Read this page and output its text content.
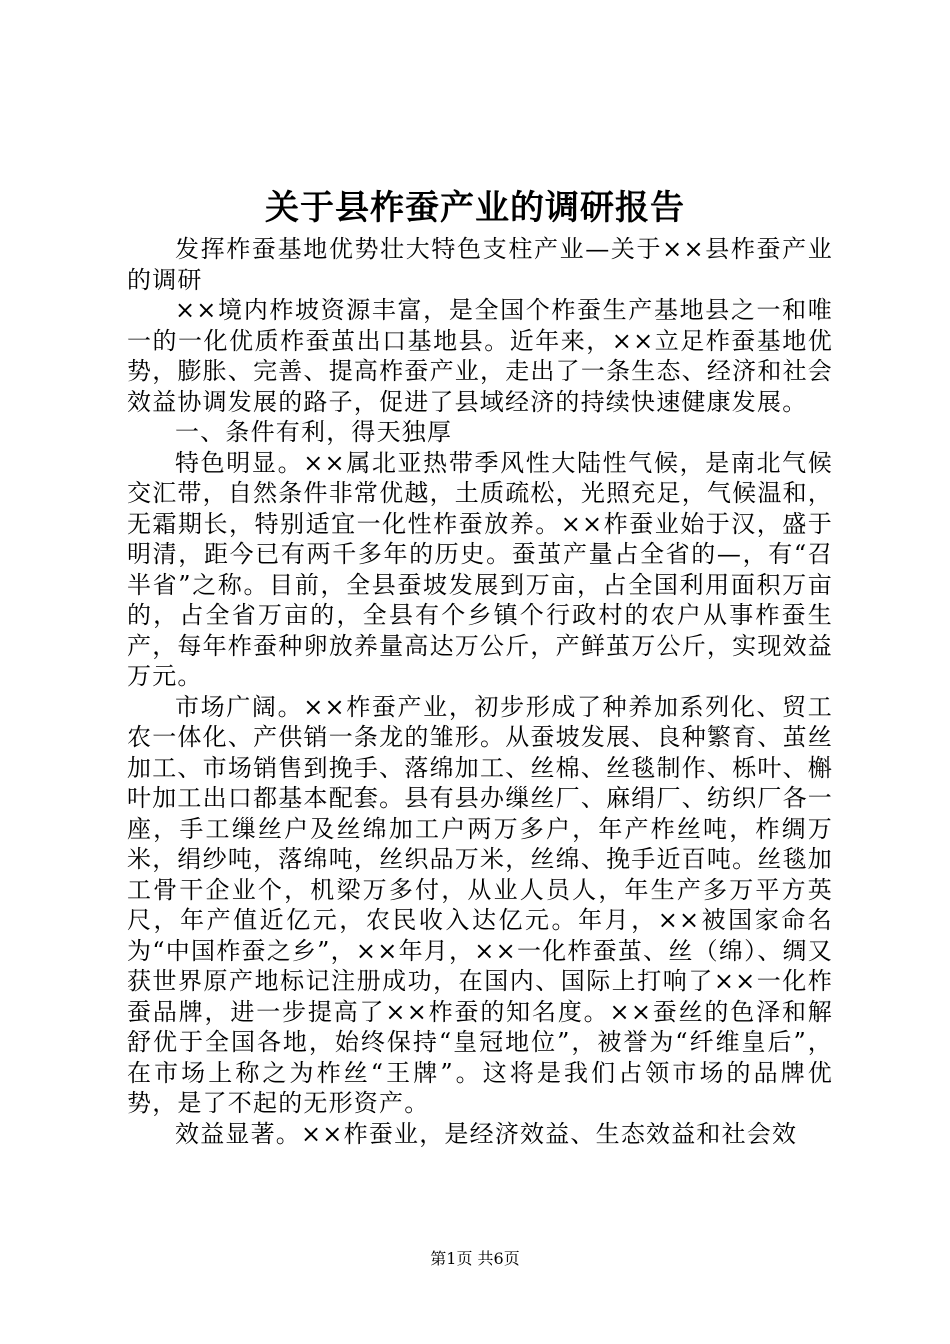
关于县柞蚕产业的调研报告

发挥柞蚕基地优势壮大特色支柱产业—关于××县柞蚕产业的调研

××境内柞坡资源丰富，是全国个柞蚕生产基地县之一和唯一的一化优质柞蚕茧出口基地县。近年来，××立足柞蚕基地优势，膨胀、完善、提高柞蚕产业，走出了一条生态、经济和社会效益协调发展的路子，促进了县域经济的持续快速健康发展。

一、条件有利，得天独厚

特色明显。××属北亚热带季风性大陆性气候，是南北气候交汇带，自然条件非常优越，土质疏松，光照充足，气候温和，无霜期长，特别适宜一化性柞蚕放养。××柞蚕业始于汉，盛于明清，距今已有两千多年的历史。蚕茧产量占全省的—，有“召半省”之称。目前，全县蚕坡发展到万亩，占全国利用面积万亩的，占全省万亩的，全县有个乡镇个行政村的农户从事柞蚕生产，每年柞蚕种卵放养量高达万公斤，产鲜茧万公斤，实现效益万元。

市场广阔。××柞蚕产业，初步形成了种养加系列化、贸工农一体化、产供销一条龙的雏形。从蚕坡发展、良种繁育、茧丝加工、市场销售到挽手、落绵加工、丝棉、丝毯制作、栎叶、槲叶加工出口都基本配套。县有县办缫丝厂、麻绢厂、纺织厂各一座，手工缫丝户及丝绵加工户两万多户，年产柞丝吨，柞绸万米，绢纱吨，落绵吨，丝织品万米，丝绵、挽手近百吨。丝毯加工骨干企业个，机梁万多付，从业人员人，年生产多万平方英尺，年产值近亿元，农民收入达亿元。年月，××被国家命名为“中国柞蚕之乡”，××年月，××一化柞蚕茧、丝（绵）、绸又获世界原产地标记注册成功，在国内、国际上打响了××一化柞蚕品牌，进一步提高了××柞蚕的知名度。××蚕丝的色泽和解舒优于全国各地，始终保持“皇冠地位”，被誉为“纤维皇后”，在市场上称之为柞丝“王牌”。这将是我们占领市场的品牌优势，是了不起的无形资产。

效益显著。××柞蚕业，是经济效益、生态效益和社会效

第1页 共6页
